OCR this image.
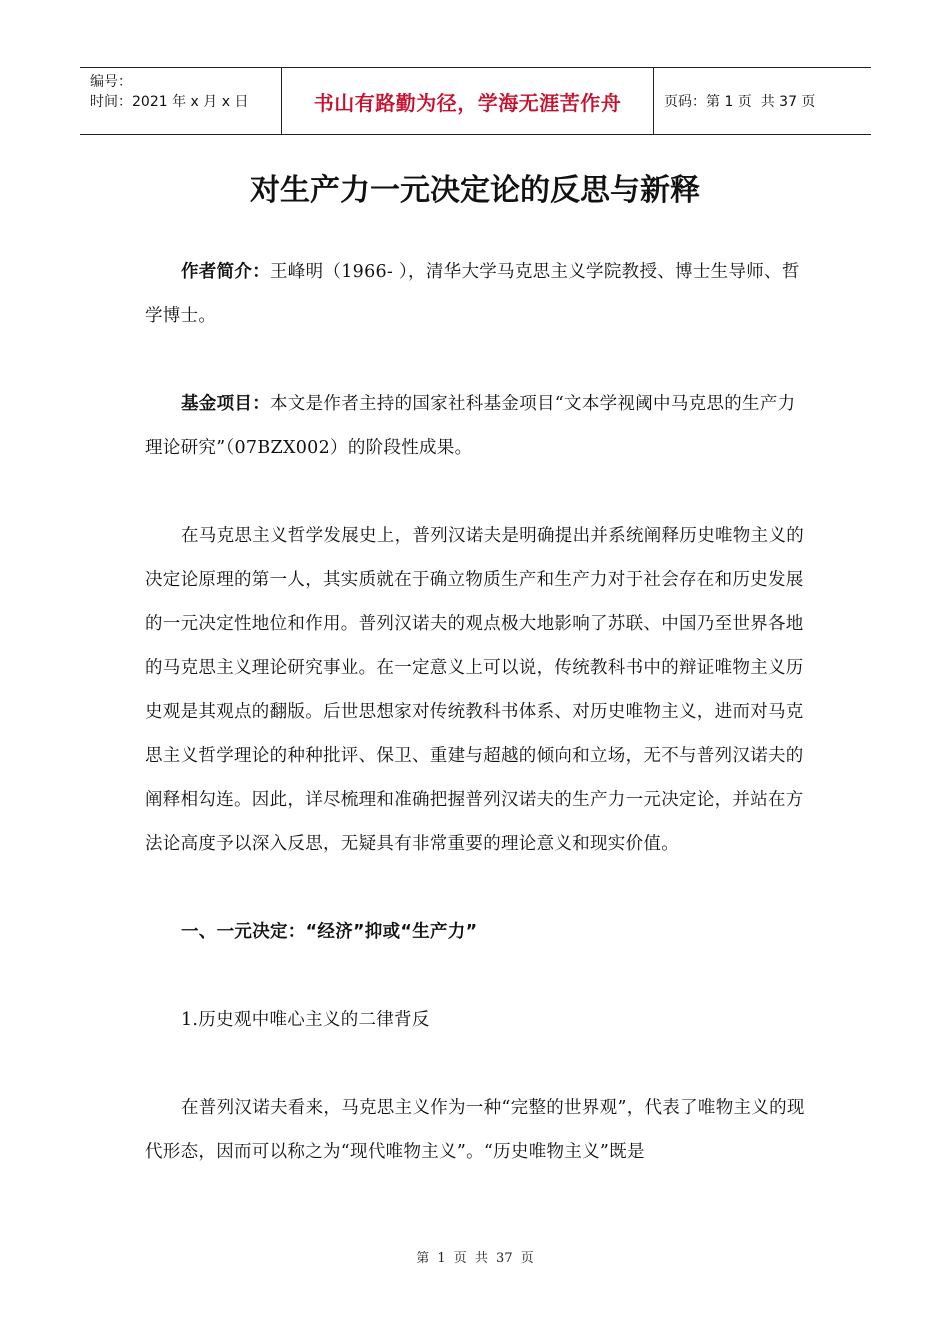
编号：
时间：2021 年 x 月 x 日	书山有路勤为径，学海无涯苦作舟	页码：第 1 页  共 37 页
对生产力一元决定论的反思与新释

作者简介：王峰明（1966- ），清华大学马克思主义学院教授、博士生导师、哲学博士。

基金项目：本文是作者主持的国家社科基金项目“文本学视阈中马克思的生产力理论研究”（07BZX002）的阶段性成果。

在马克思主义哲学发展史上，普列汉诺夫是明确提出并系统阐释历史唯物主义的决定论原理的第一人，其实质就在于确立物质生产和生产力对于社会存在和历史发展的一元决定性地位和作用。普列汉诺夫的观点极大地影响了苏联、中国乃至世界各地的马克思主义理论研究事业。在一定意义上可以说，传统教科书中的辩证唯物主义历史观是其观点的翻版。后世思想家对传统教科书体系、对历史唯物主义，进而对马克思主义哲学理论的种种批评、保卫、重建与超越的倾向和立场，无不与普列汉诺夫的阐释相勾连。因此，详尽梳理和准确把握普列汉诺夫的生产力一元决定论，并站在方法论高度予以深入反思，无疑具有非常重要的理论意义和现实价值。

一、一元决定：“经济”抑或“生产力”

1.历史观中唯心主义的二律背反

在普列汉诺夫看来，马克思主义作为一种“完整的世界观”，代表了唯物主义的现代形态，因而可以称之为“现代唯物主义”。“历史唯物主义”既是

第 1 页 共 37 页
